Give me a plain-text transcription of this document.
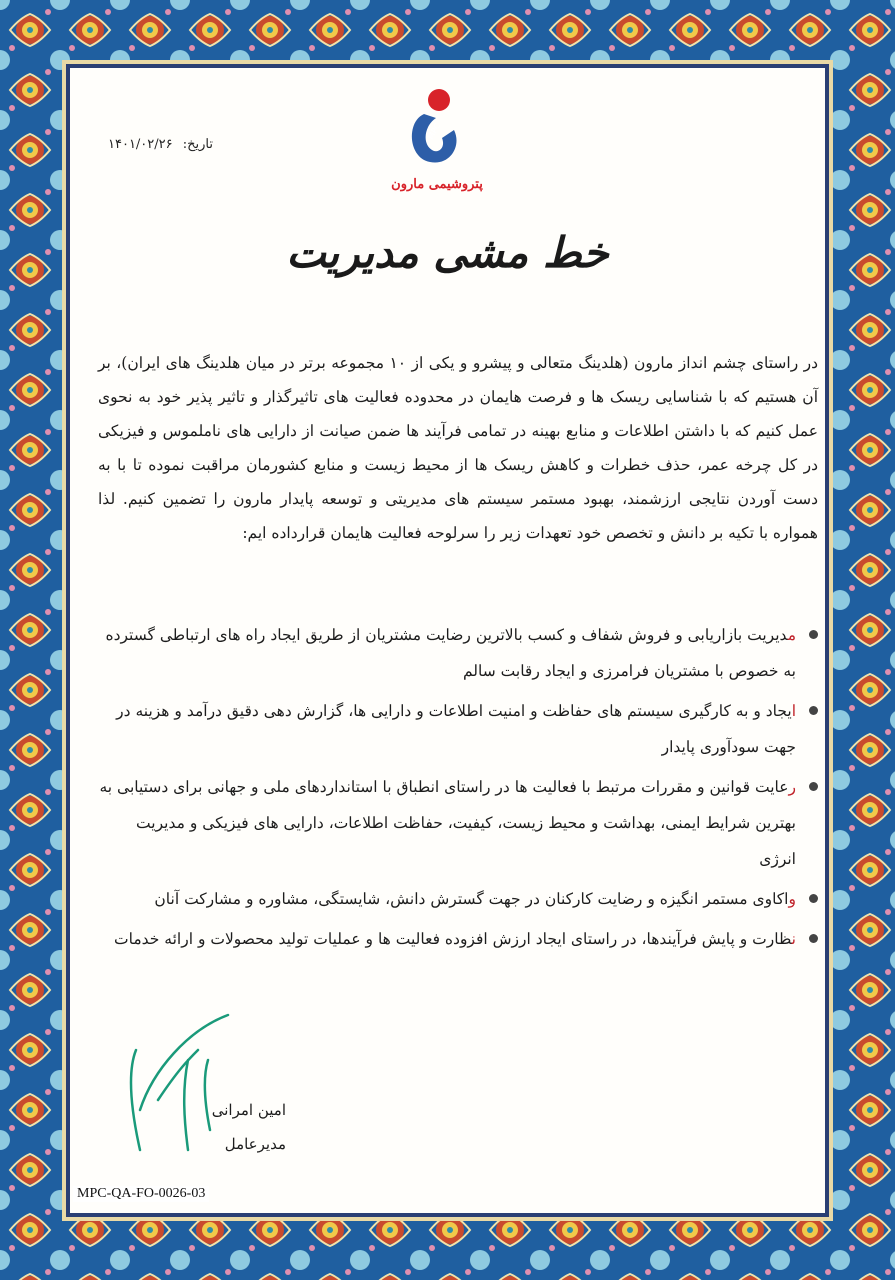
تاریخ: ۱۴۰۱/۰۲/۲۶
MPC
پتروشیمی مارون
خط مشی مدیریت
در راستای چشم انداز مارون (هلدینگ متعالی و پیشرو و یکی از ۱۰ مجموعه برتر در میان هلدینگ های ایران)، بر آن هستیم که با شناسایی ریسک ها و فرصت هایمان در محدوده فعالیت های تاثیرگذار و تاثیر پذیر خود به نحوی عمل کنیم که با داشتن اطلاعات و منابع بهینه در تمامی فرآیند ها ضمن صیانت از دارایی های ناملموس و فیزیکی در کل چرخه عمر، حذف خطرات و کاهش ریسک ها از محیط زیست و منابع کشورمان مراقبت نموده تا با به دست آوردن نتایجی ارزشمند، بهبود مستمر سیستم های مدیریتی و توسعه پایدار مارون را تضمین کنیم. لذا همواره با تکیه بر دانش و تخصص خود تعهدات زیر را سرلوحه فعالیت هایمان قرارداده ایم:
مدیریت بازاریابی و فروش شفاف و کسب بالاترین رضایت مشتریان از طریق ایجاد راه های ارتباطی گسترده به خصوص با مشتریان فرامرزی و ایجاد رقابت سالم
ایجاد و به کارگیری سیستم های حفاظت و امنیت اطلاعات و دارایی ها، گزارش دهی دقیق درآمد و هزینه در جهت سودآوری پایدار
رعایت قوانین و مقررات مرتبط با فعالیت ها در راستای انطباق با استانداردهای ملی و جهانی برای دستیابی به بهترین شرایط ایمنی، بهداشت و محیط زیست، کیفیت، حفاظت اطلاعات، دارایی های فیزیکی و مدیریت انرژی
واکاوی مستمر انگیزه و رضایت کارکنان در جهت گسترش دانش، شایستگی، مشاوره و مشارکت آنان
نظارت و پایش فرآیندها، در راستای ایجاد ارزش افزوده فعالیت ها و عملیات تولید محصولات و ارائه خدمات
امین امرانی
مدیرعامل
MPC-QA-FO-0026-03
